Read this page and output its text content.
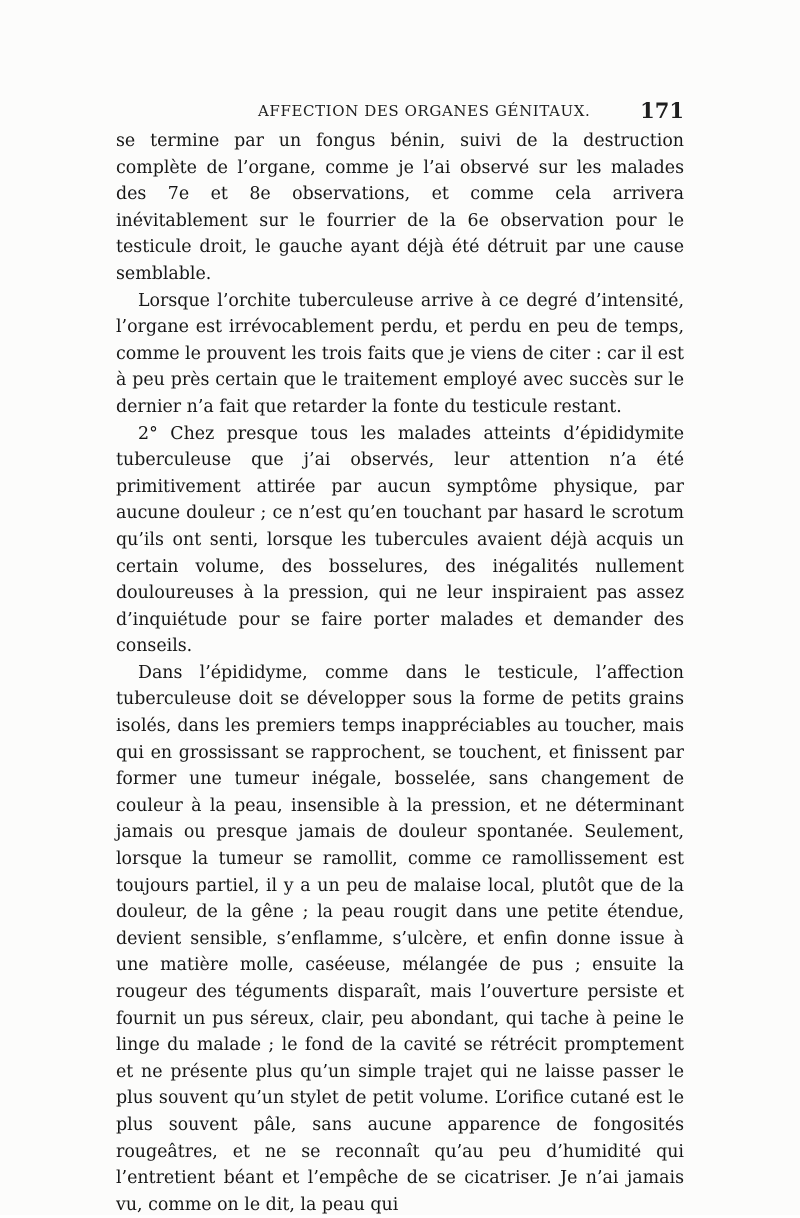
AFFECTION DES ORGANES GÉNITAUX. 171

se termine par un fongus bénin, suivi de la destruction complète de l’organe, comme je l’ai observé sur les malades des 7e et 8e observations, et comme cela arrivera inévitablement sur le fourrier de la 6e observation pour le testicule droit, le gauche ayant déjà été détruit par une cause semblable.

Lorsque l’orchite tuberculeuse arrive à ce degré d’intensité, l’organe est irrévocablement perdu, et perdu en peu de temps, comme le prouvent les trois faits que je viens de citer : car il est à peu près certain que le traitement employé avec succès sur le dernier n’a fait que retarder la fonte du testicule restant.

2° Chez presque tous les malades atteints d’épididymite tuberculeuse que j’ai observés, leur attention n’a été primitivement attirée par aucun symptôme physique, par aucune douleur ; ce n’est qu’en touchant par hasard le scrotum qu’ils ont senti, lorsque les tubercules avaient déjà acquis un certain volume, des bosselures, des inégalités nullement douloureuses à la pression, qui ne leur inspiraient pas assez d’inquiétude pour se faire porter malades et demander des conseils.

Dans l’épididyme, comme dans le testicule, l’affection tuberculeuse doit se développer sous la forme de petits grains isolés, dans les premiers temps inappréciables au toucher, mais qui en grossissant se rapprochent, se touchent, et finissent par former une tumeur inégale, bosselée, sans changement de couleur à la peau, insensible à la pression, et ne déterminant jamais ou presque jamais de douleur spontanée. Seulement, lorsque la tumeur se ramollit, comme ce ramollissement est toujours partiel, il y a un peu de malaise local, plutôt que de la douleur, de la gêne ; la peau rougit dans une petite étendue, devient sensible, s’enflamme, s’ulcère, et enfin donne issue à une matière molle, caséeuse, mélangée de pus ; ensuite la rougeur des téguments disparaît, mais l’ouverture persiste et fournit un pus séreux, clair, peu abondant, qui tache à peine le linge du malade ; le fond de la cavité se rétrécit promptement et ne présente plus qu’un simple trajet qui ne laisse passer le plus souvent qu’un stylet de petit volume. L’orifice cutané est le plus souvent pâle, sans aucune apparence de fongosités rougeâtres, et ne se reconnaît qu’au peu d’humidité qui l’entretient béant et l’empêche de se cicatriser. Je n’ai jamais vu, comme on le dit, la peau qui
